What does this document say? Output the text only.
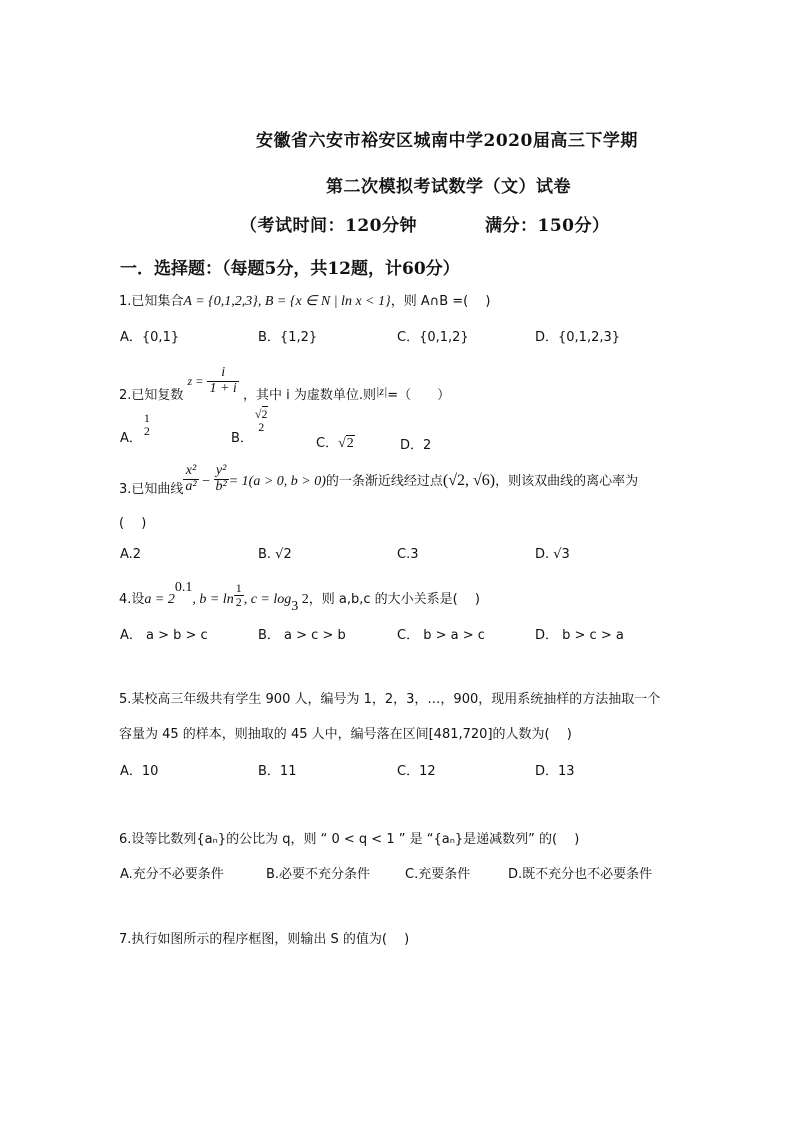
安徽省六安市裕安区城南中学2020届高三下学期
第二次模拟考试数学（文）试卷
（考试时间：120分钟	满分：150分）
一．选择题：（每题5分，共12题，计60分）
1.已知集合A = {0,1,2,3}, B = {x ∈ N | ln x < 1}，则 A∩B =(　 )
A．{0,1}	B．{1,2}	C．{0,1,2}	D．{0,1,2,3}
2.已知复数 $z = \frac{i}{1 + i}$ ，其中 i 为虚数单位.则|z|=（　　）
A．
1
2
B．
√2
2
C．√2	D．2
3.已知曲线 $\frac{\text{x²}}{\text{a²}} - \frac{\text{y²}}{\text{b²}} = 1(a > 0$, b > 0)的一条渐近线经过点(√2, √6)，则该双曲线的离心率为
(　 )
A.2	B. √2	C.3	D. √3
4.设$a = 2^{0.1}$, $b = \ln \frac{1}{2}$ , $c = \log_3 2$，则 a,b,c 的大小关系是(　 )
A． a > b > c	B． a > c > b	C． b > a > c	D． b > c > a
5.某校高三年级共有学生 900 人，编号为 1，2，3，…，900，现用系统抽样的方法抽取一个
容量为 45 的样本，则抽取的 45 人中，编号落在区间[481,720]的人数为(　 )
A．10	B．11	C．12	D．13
6.设等比数列{aₙ}的公比为 q，则 “ 0 < q < 1 ” 是 “{aₙ}是递减数列” 的(　 )
A.充分不必要条件	B.必要不充分条件	C.充要条件	D.既不充分也不必要条件
7.执行如图所示的程序框图，则输出 S 的值为(　 )
